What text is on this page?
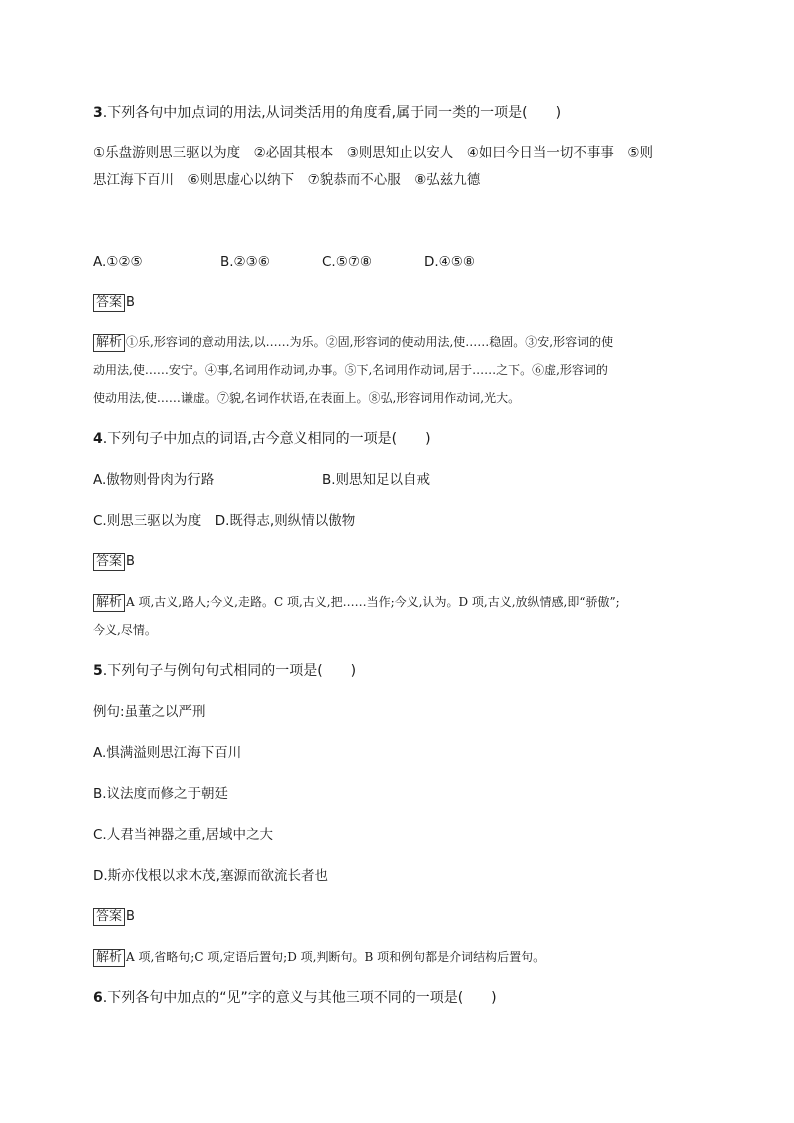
3.下列各句中加点词的用法,从词类活用的角度看,属于同一类的一项是( )
①乐盘游则思三驱以为度　②必固其根本　③则思知止以安人　④如曰今日当一切不事事　⑤则
思江海下百川　⑥则思虚心以纳下　⑦貌恭而不心服　⑧弘兹九德
A.①②⑤	B.②③⑥	C.⑤⑦⑧	D.④⑤⑧
答案 B
解析 ①乐,形容词的意动用法,以……为乐。②固,形容词的使动用法,使……稳固。③安,形容词的使
动用法,使……安宁。④事,名词用作动词,办事。⑤下,名词用作动词,居于……之下。⑥虚,形容词的
使动用法,使……谦虚。⑦貌,名词作状语,在表面上。⑧弘,形容词用作动词,光大。
4.下列句子中加点的词语,古今意义相同的一项是( )
A.傲物则骨肉为行路	B.则思知足以自戒
C.则思三驱以为度　D.既得志,则纵情以傲物
答案 B
解析 A 项,古义,路人;今义,走路。C 项,古义,把……当作;今义,认为。D 项,古义,放纵情感,即“骄傲”;
今义,尽情。
5.下列句子与例句句式相同的一项是( )
例句:虽董之以严刑
A.惧满溢则思江海下百川
B.议法度而修之于朝廷
C.人君当神器之重,居域中之大
D.斯亦伐根以求木茂,塞源而欲流长者也
答案 B
解析 A 项,省略句;C 项,定语后置句;D 项,判断句。B 项和例句都是介词结构后置句。
6.下列各句中加点的“见”字的意义与其他三项不同的一项是( )
